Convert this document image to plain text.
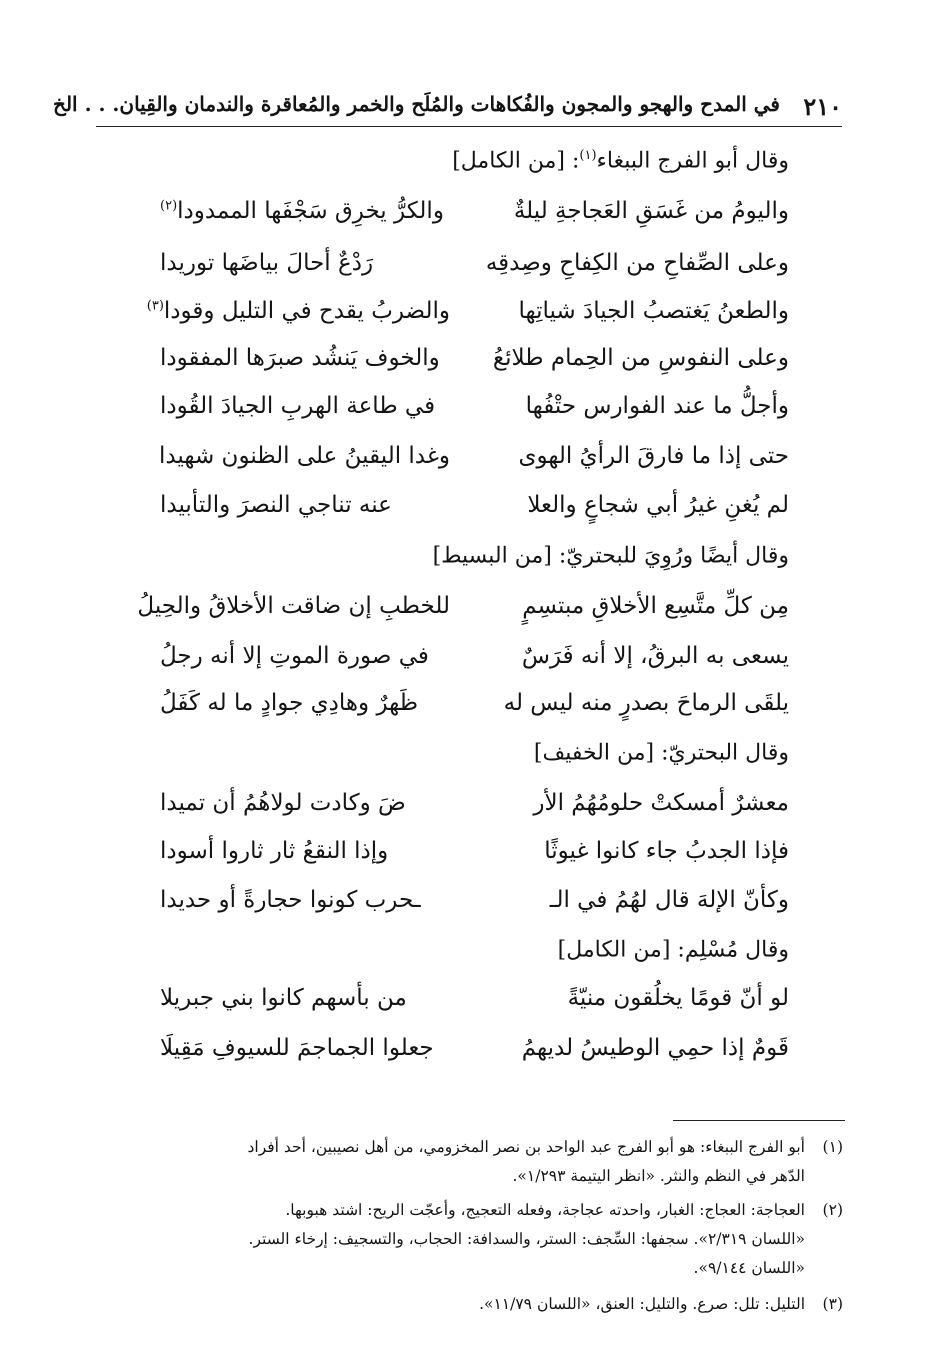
٢١٠
في المدح والهجو والمجون والفُكاهات والمُلَح والخمر والمُعاقرة والندمان والقِيان. . . الخ
وقال أبو الفرج الببغاء$^{(١)}$: [من الكامل]
واليومُ من غَسَقِ العَجاجةِ ليلةٌ
والكرُّ يخرِق سَجْفَها الممدودا$^{(٢)}$
وعلى الصِّفاحِ من الكِفاحِ وصِدقِه
رَدْعٌ أحالَ بياضَها توريدا
والطعنُ يَغتصبُ الجيادَ شياتِها
والضربُ يقدح في التليل وقودا$^{(٣)}$
وعلى النفوسِ من الحِمام طلائعُ
والخوف يَنشُد صبرَها المفقودا
وأجلُّ ما عند الفوارس حتْفُها
في طاعة الهربِ الجيادَ القُودا
حتى إذا ما فارقَ الرأيُ الهوى
وغدا اليقينُ على الظنون شهيدا
لم يُغنِ غيرُ أبي شجاعٍ والعلا
عنه تناجي النصرَ والتأبيدا
وقال أيضًا ورُوِيَ للبحتريّ: [من البسيط]
مِن كلِّ متَّسِع الأخلاقِ مبتسِمٍ
للخطبِ إن ضاقت الأخلاقُ والحِيلُ
يسعى به البرقُ، إلا أنه فَرَسٌ
في صورة الموتِ إلا أنه رجلُ
يلقَى الرماحَ بصدرٍ منه ليس له
ظَهرٌ وهادِي جوادٍ ما له كَفَلُ
وقال البحتريّ: [من الخفيف]
معشرٌ أمسكتْ حلومُهُمُ الأر
ضَ وكادت لولاهُمُ أن تميدا
فإذا الجدبُ جاء كانوا غيوثًا
وإذا النقعُ ثار ثاروا أسودا
وكأنّ الإلهَ قال لهُمُ في الـ
ـحرب كونوا حجارةً أو حديدا
وقال مُسْلِم: [من الكامل]
لو أنّ قومًا يخلُقون منيّةً
من بأسهم كانوا بني جبريلا
قَومٌ إذا حمِي الوطيسُ لديهمُ
جعلوا الجماجمَ للسيوفِ مَقِيلَا
(١)
أبو الفرج الببغاء: هو أبو الفرج عبد الواحد بن نصر المخزومي، من أهل نصيبين، أحد أفراد
الدّهر في النظم والنثر. «انظر اليتيمة ١/٢٩٣».
(٢)
العجاجة: العجاج: الغبار، واحدته عجاجة، وفعله التعجيج، وأعجّت الريح: اشتد هبوبها.
«اللسان ٢/٣١٩». سجفها: السِّجف: الستر، والسدافة: الحجاب، والتسجيف: إرخاء الستر.
«اللسان ٩/١٤٤».
(٣)
التليل: تلل: صرع. والتليل: العنق، «اللسان ١١/٧٩».
